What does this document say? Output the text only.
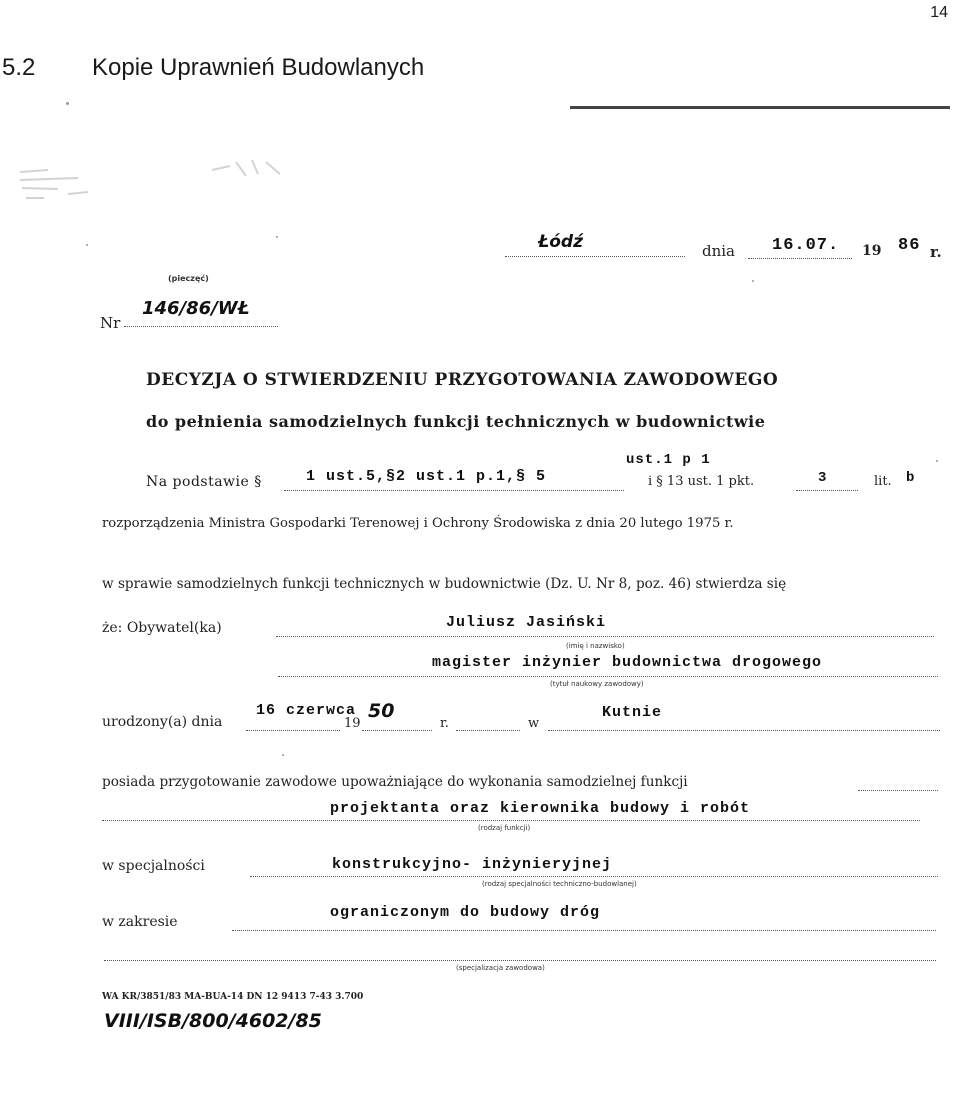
14
5.2 Kopie Uprawnień Budowlanych
Łódź	dnia 16.07. 19 86 r.
(pieczęć)
Nr
146/86/WŁ
DECYZJA O STWIERDZENIU PRZYGOTOWANIA ZAWODOWEGO
do pełnienia samodzielnych funkcji technicznych w budownictwie
ust.1 p 1
Na podstawie §	1 ust.5,§2 ust.1 p.1,§ 5	i § 13 ust. 1 pkt.	3	lit. b
rozporządzenia Ministra Gospodarki Terenowej i Ochrony Środowiska z dnia 20 lutego 1975 r.
w sprawie samodzielnych funkcji technicznych w budownictwie (Dz. U. Nr 8, poz. 46) stwierdza się
że: Obywatel(ka)	Juliusz Jasiński
(imię i nazwisko)
magister inżynier budownictwa drogowego
(tytuł naukowy zawodowy)
urodzony(a) dnia
16 czerwca
19
50
r.	w
Kutnie
posiada przygotowanie zawodowe upoważniające do wykonania samodzielnej funkcji
projektanta oraz kierownika budowy i robót
(rodzaj funkcji)
w specjalności	konstrukcyjno- inżynieryjnej
(rodzaj specjalności techniczno-budowlanej)
w zakresie
ograniczonym do budowy dróg
(specjalizacja zawodowa)
WA KR/3851/83 MA-BUA-14 DN 12 9413 7-43 3.700
VIII/ISB/800/4602/85
